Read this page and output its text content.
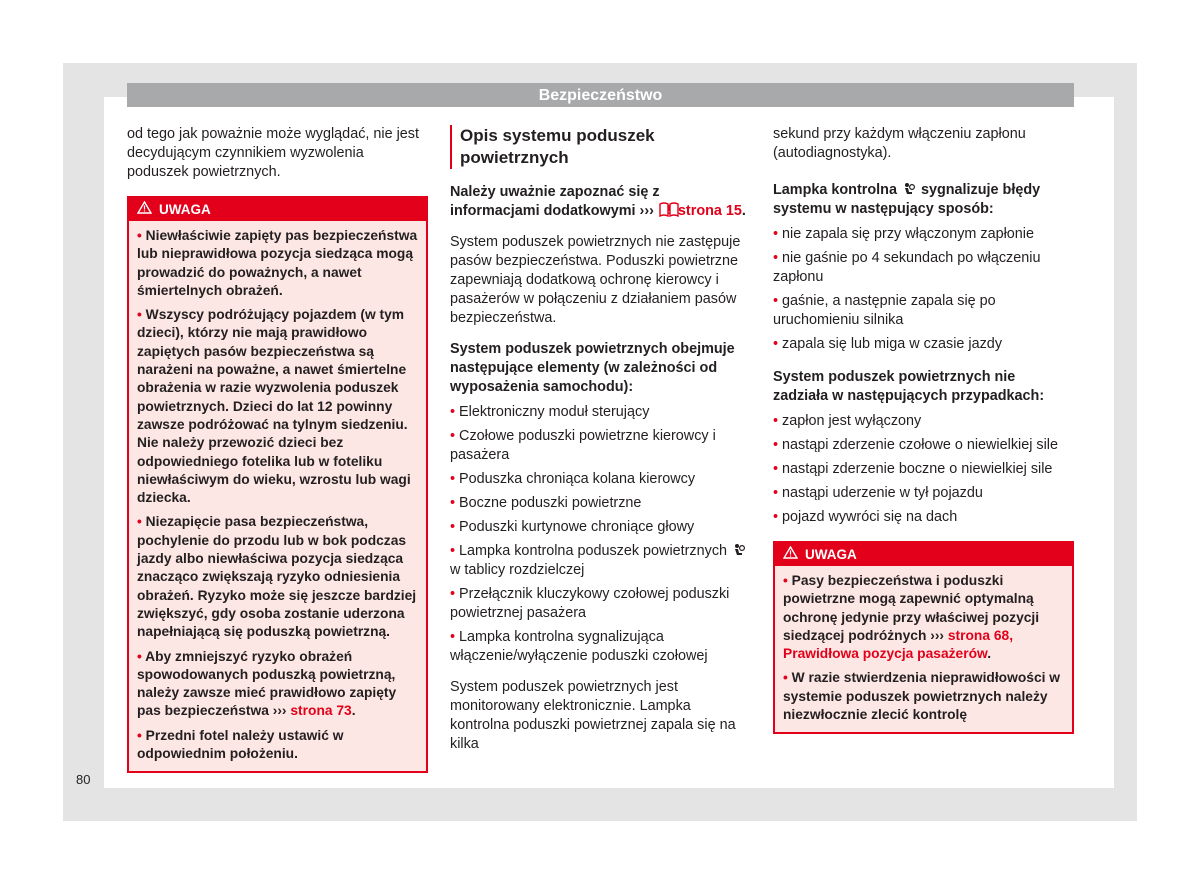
Bezpieczeństwo

od tego jak poważnie może wyglądać, nie jest decydującym czynnikiem wyzwolenia poduszek powietrznych.

UWAGA
• Niewłaściwie zapięty pas bezpieczeństwa lub nieprawidłowa pozycja siedząca mogą prowadzić do poważnych, a nawet śmiertelnych obrażeń.
• Wszyscy podróżujący pojazdem (w tym dzieci), którzy nie mają prawidłowo zapiętych pasów bezpieczeństwa są narażeni na poważne, a nawet śmiertelne obrażenia w razie wyzwolenia poduszek powietrznych. Dzieci do lat 12 powinny zawsze podróżować na tylnym siedzeniu. Nie należy przewozić dzieci bez odpowiedniego fotelika lub w foteliku niewłaściwym do wieku, wzrostu lub wagi dziecka.
• Niezapięcie pasa bezpieczeństwa, pochylenie do przodu lub w bok podczas jazdy albo niewłaściwa pozycja siedząca znacząco zwiększają ryzyko odniesienia obrażeń. Ryzyko może się jeszcze bardziej zwiększyć, gdy osoba zostanie uderzona napełniającą się poduszką powietrzną.
• Aby zmniejszyć ryzyko obrażeń spowodowanych poduszką powietrzną, należy zawsze mieć prawidłowo zapięty pas bezpieczeństwa ››› strona 73.
• Przedni fotel należy ustawić w odpowiednim położeniu.
Opis systemu poduszek powietrznych

Należy uważnie zapoznać się z informacjami dodatkowymi ››› strona 15.

System poduszek powietrznych nie zastępuje pasów bezpieczeństwa. Poduszki powietrzne zapewniają dodatkową ochronę kierowcy i pasażerów w połączeniu z działaniem pasów bezpieczeństwa.

System poduszek powietrznych obejmuje następujące elementy (w zależności od wyposażenia samochodu):

• Elektroniczny moduł sterujący
• Czołowe poduszki powietrzne kierowcy i pasażera
• Poduszka chroniąca kolana kierowcy
• Boczne poduszki powietrzne
• Poduszki kurtynowe chroniące głowy
• Lampka kontrolna poduszek powietrznych  w tablicy rozdzielczej
• Przełącznik kluczykowy czołowej poduszki powietrznej pasażera
• Lampka kontrolna sygnalizująca włączenie/wyłączenie poduszki czołowej

System poduszek powietrznych jest monitorowany elektronicznie. Lampka kontrolna poduszki powietrznej zapala się na kilka

sekund przy każdym włączeniu zapłonu (autodiagnostyka).

Lampka kontrolna sygnalizuje błędy systemu w następujący sposób:

• nie zapala się przy włączonym zapłonie
• nie gaśnie po 4 sekundach po włączeniu zapłonu
• gaśnie, a następnie zapala się po uruchomieniu silnika
• zapala się lub miga w czasie jazdy

System poduszek powietrznych nie zadziała w następujących przypadkach:

• zapłon jest wyłączony
• nastąpi zderzenie czołowe o niewielkiej sile
• nastąpi zderzenie boczne o niewielkiej sile
• nastąpi uderzenie w tył pojazdu
• pojazd wywróci się na dach
UWAGA
• Pasy bezpieczeństwa i poduszki powietrzne mogą zapewnić optymalną ochronę jedynie przy właściwej pozycji siedzącej podróżnych ››› strona 68, Prawidłowa pozycja pasażerów.
• W razie stwierdzenia nieprawidłowości w systemie poduszek powietrznych należy niezwłocznie zlecić kontrolę
80
